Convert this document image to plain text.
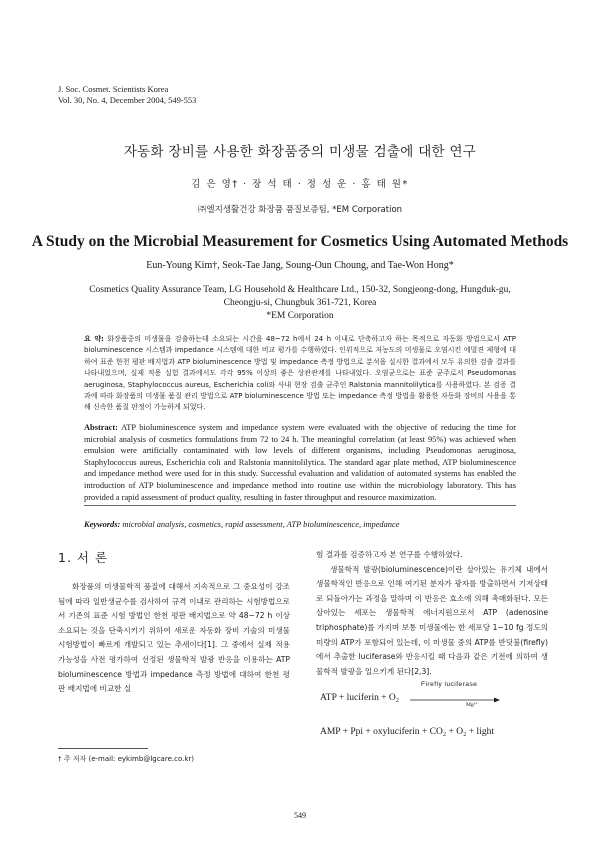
J. Soc. Cosmet. Scientists Korea
Vol. 30, No. 4, December 2004, 549-553
자동화 장비를 사용한 화장품중의 미생물 검출에 대한 연구
김 은 영† · 장 석 태 · 정 성 운 · 홍 태 원*
㈜엘지생활건강 화장품 품질보증팀, *EM Corporation
A Study on the Microbial Measurement for Cosmetics Using Automated Methods
Eun-Young Kim†, Seok-Tae Jang, Soung-Oun Choung, and Tae-Won Hong*
Cosmetics Quality Assurance Team, LG Household & Healthcare Ltd., 150-32, Songjeong-dong, Hungduk-gu,
Cheongju-si, Chungbuk 361-721, Korea
*EM Corporation
요 약: 화장품중의 미생물을 검출하는데 소요되는 시간을 48~72 h에서 24 h 이내로 단축하고자 하는 목적으로 자동화 방법으로서 ATP bioluminescence 시스템과 impedance 시스템에 대한 비교 평가를 수행하였다. 인위적으로 저농도의 미생물로 오염시킨 에멀젼 제형에 대하여 표준 한천 평판 배지법과 ATP bioluminescence 방법 및 impedance 측정 방법으로 분석을 실시한 결과에서 모두 유의한 검출 결과를 나타내었으며, 실제 적용 실험 결과에서도 각각 95% 이상의 좋은 상관관계를 나타내었다. 오염균으로는 표준 균주로서 Pseudomonas aeruginosa, Staphylococcus aureus, Escherichia coli와 사내 현장 검출 균주인 Ralstonia mannitolilytica를 사용하였다. 본 검증 결과에 따라 화장품의 미생물 품질 관리 방법으로 ATP bioluminescence 방법 또는 impedance 측정 방법을 활용한 자동화 장비의 사용을 통해 신속한 품질 판정이 가능하게 되었다.
Abstract: ATP bioluminescence system and impedance system were evaluated with the objective of reducing the time for microbial analysis of cosmetics formulations from 72 to 24 h. The meaningful correlation (at least 95%) was achieved when emulsion were artificially contaminated with low levels of different organisms, including Pseudomonas aeruginosa, Staphylococcus aureus, Escherichia coli and Ralstonia mannitolilytica. The standard agar plate method, ATP bioluminescence and impedance method were used for in this study. Successful evaluation and validation of automated systems has enabled the introduction of ATP bioluminescence and impedance method into routine use within the microbiology laboratory. This has provided a rapid assessment of product quality, resulting in faster throughput and resource maximization.
Keywords: microbial analysis, cosmetics, rapid assessment, ATP bioluminescence, impedance
1. 서 론

화장품의 미생물학적 품질에 대해서 지속적으로 그 중요성이 강조됨에 따라 일반생균수를 검사하여 규격 이내로 관리하는 시험방법으로서 기존의 표준 시험 방법인 한천 평판 배지법으로 약 48~72 h 이상 소요되는 것을 단축시키기 위하여 새로운 자동화 장비 기술의 미생물 시험방법이 빠르게 개발되고 있는 추세이다[1]. 그 중에서 실제 적용 가능성을 사전 평가하여 선정된 생물학적 발광 반응을 이용하는 ATP bioluminescence 방법과 impedance 측정 방법에 대하여 한천 평판 배지법에 비교한 실

험 결과를 검증하고자 본 연구를 수행하였다.

생물학적 발광(bioluminescence)이란 살아있는 유기체 내에서 생물학적인 반응으로 인해 여기된 분자가 광자를 방출하면서 기저상태로 되돌아가는 과정을 말하며 이 반응은 효소에 의해 촉매화된다. 모든 살아있는 세포는 생물학적 에너지원으로서 ATP (adenosine triphosphate)를 가지며 보통 미생물에는 한 세포당 1~10 fg 정도의 미량의 ATP가 포함되어 있는데, 이 미생물 중의 ATP를 반딧불(firefly)에서 추출한 luciferase와 반응시킬 때 다음과 같은 기전에 의하여 생물학적 발광을 일으키게 된다[2,3].

ATP + luciferin + O₂
Firefly luciferase
Mg²⁺
AMP + Ppi + oxyluciferin + CO₂ + O₂ + light
† 주 저자 (e-mail: eykimb@lgcare.co.kr)
549
